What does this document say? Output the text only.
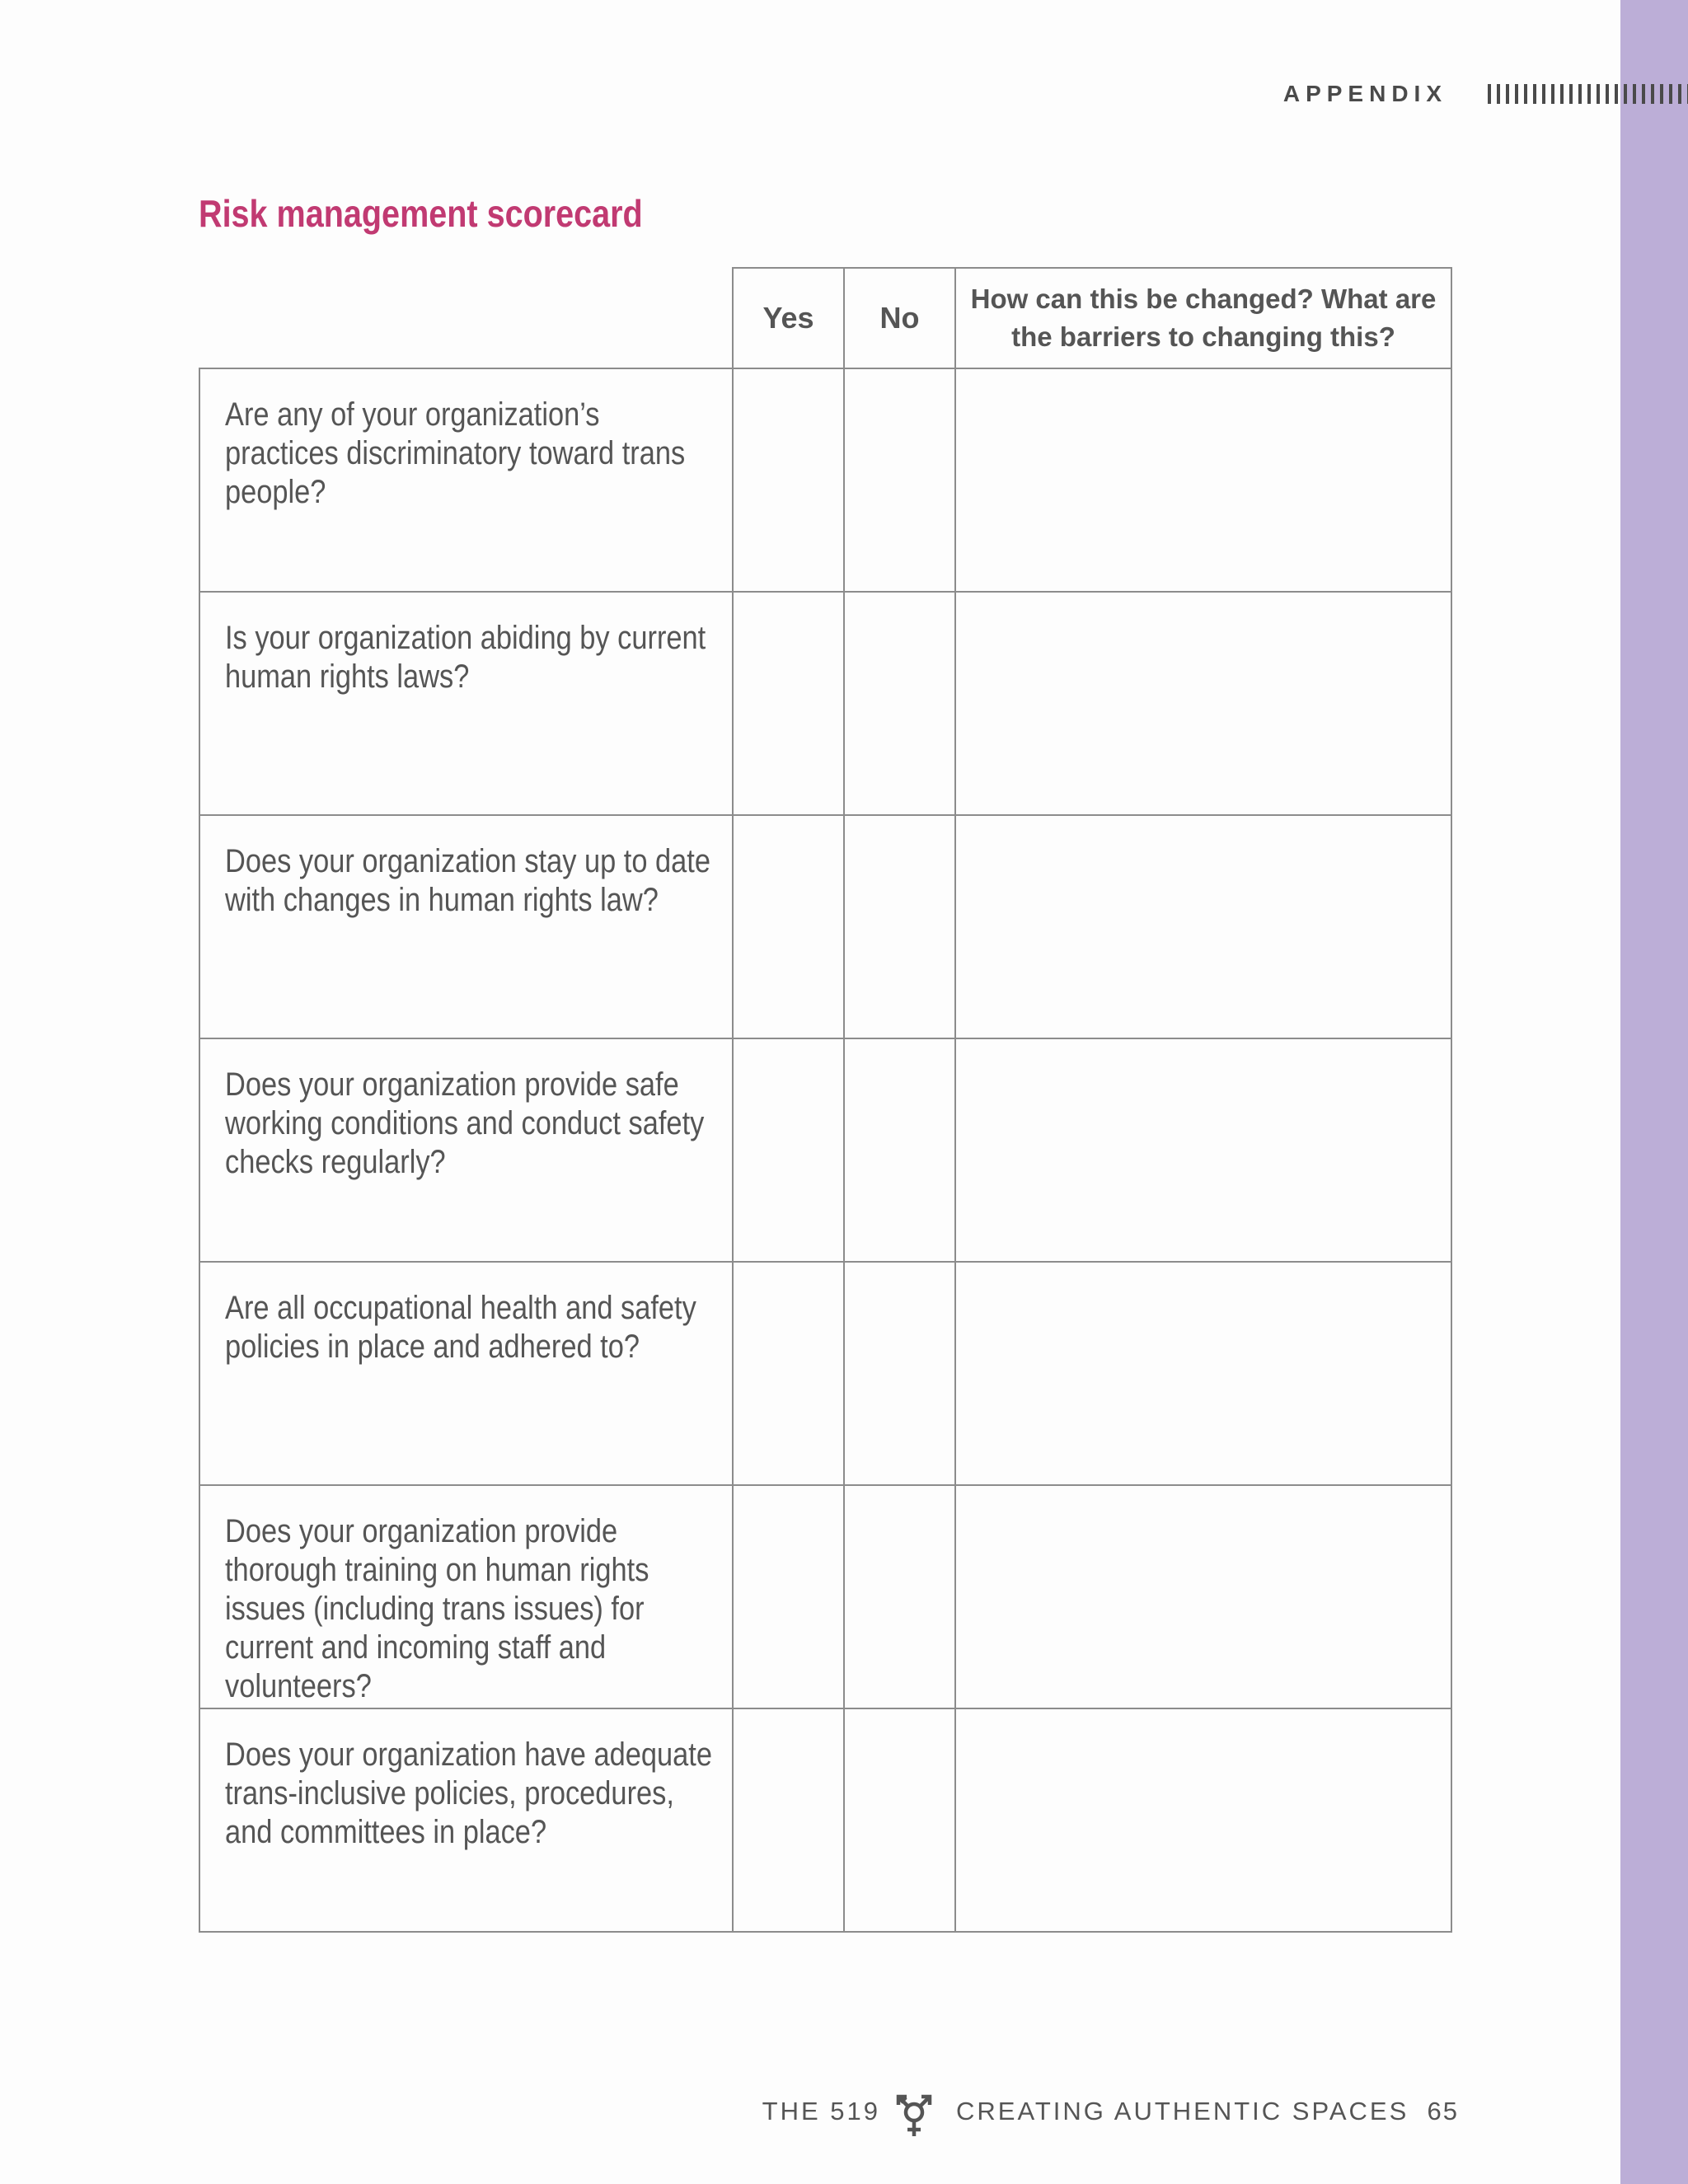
APPENDIX
Risk management scorecard
Yes No
How can this be changed? What are the barriers to changing this?
Are any of your organization’s practices discriminatory toward trans people?
Is your organization abiding by current human rights laws?
Does your organization stay up to date with changes in human rights law?
Does your organization provide safe working conditions and conduct safety checks regularly?
Are all occupational health and safety policies in place and adhered to?
Does your organization provide thorough training on human rights issues (including trans issues) for current and incoming staff and volunteers?
Does your organization have adequate trans-inclusive policies, procedures, and committees in place?
THE 519	CREATING AUTHENTIC SPACES 65
